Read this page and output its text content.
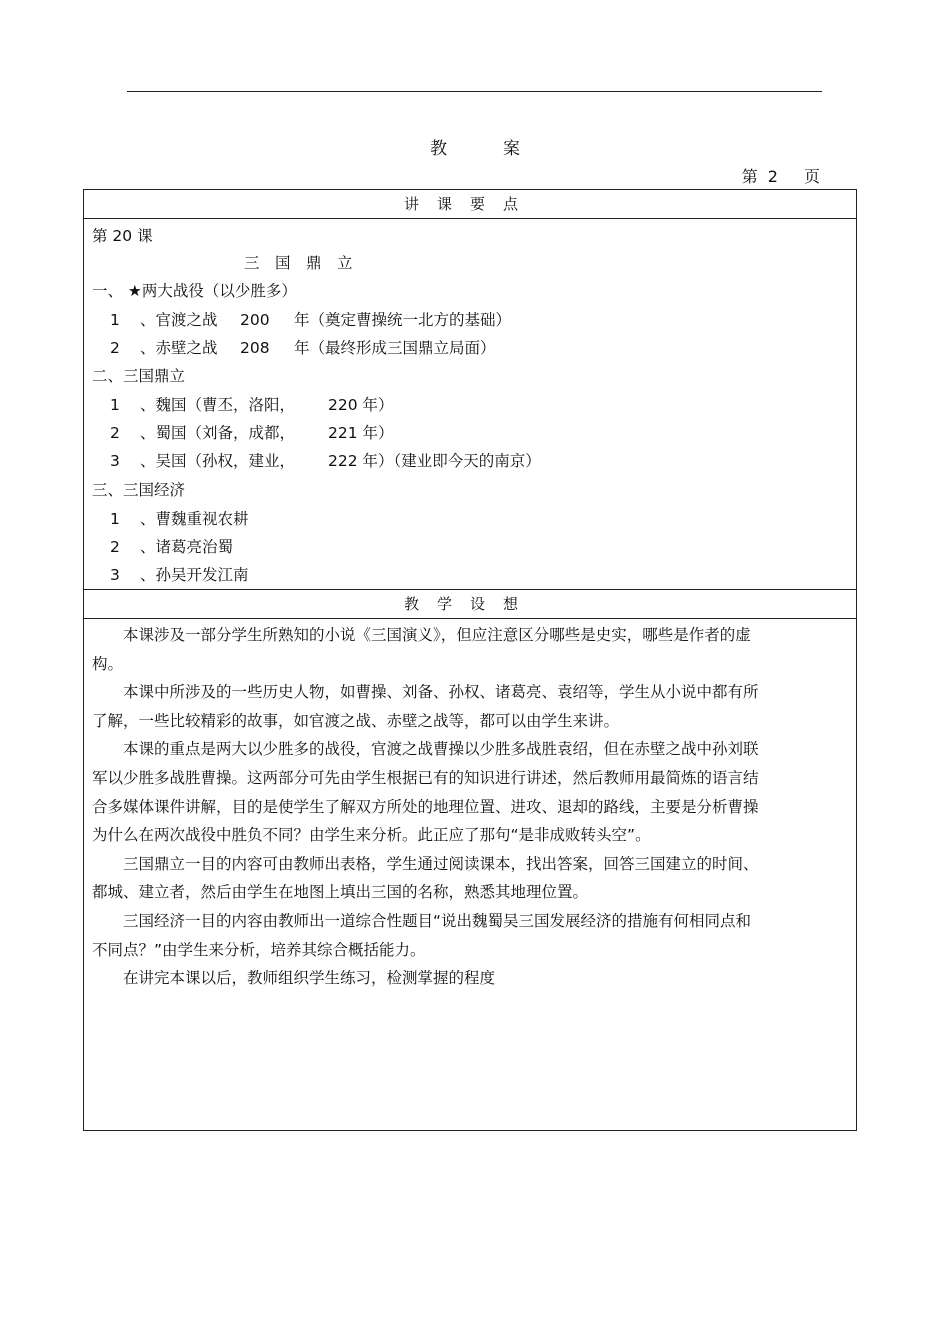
教	案
第 2 页
讲课要点
第 20 课
三　国　鼎　立
一、 ★两大战役（以少胜多）
1 、官渡之战 200 年（奠定曹操统一北方的基础）
2 、赤壁之战 208 年（最终形成三国鼎立局面）
二、三国鼎立
1 、魏国（曹丕，洛阳， 220 年）
2 、蜀国（刘备，成都， 221 年）
3 、吴国（孙权，建业， 222 年）（建业即今天的南京）
三、三国经济
1 、曹魏重视农耕
2 、诸葛亮治蜀
3 、孙吴开发江南
教学设想

本课涉及一部分学生所熟知的小说《三国演义》，但应注意区分哪些是史实，哪些是作者的虚构。

本课中所涉及的一些历史人物，如曹操、刘备、孙权、诸葛亮、袁绍等，学生从小说中都有所了解，一些比较精彩的故事，如官渡之战、赤壁之战等，都可以由学生来讲。

本课的重点是两大以少胜多的战役，官渡之战曹操以少胜多战胜袁绍，但在赤壁之战中孙刘联军以少胜多战胜曹操。这两部分可先由学生根据已有的知识进行讲述，然后教师用最简炼的语言结合多媒体课件讲解，目的是使学生了解双方所处的地理位置、进攻、退却的路线，主要是分析曹操为什么在两次战役中胜负不同？由学生来分析。此正应了那句“是非成败转头空”。

三国鼎立一目的内容可由教师出表格，学生通过阅读课本，找出答案，回答三国建立的时间、都城、建立者，然后由学生在地图上填出三国的名称，熟悉其地理位置。

三国经济一目的内容由教师出一道综合性题目“说出魏蜀吴三国发展经济的措施有何相同点和不同点？”由学生来分析，培养其综合概括能力。

在讲完本课以后，教师组织学生练习，检测掌握的程度
